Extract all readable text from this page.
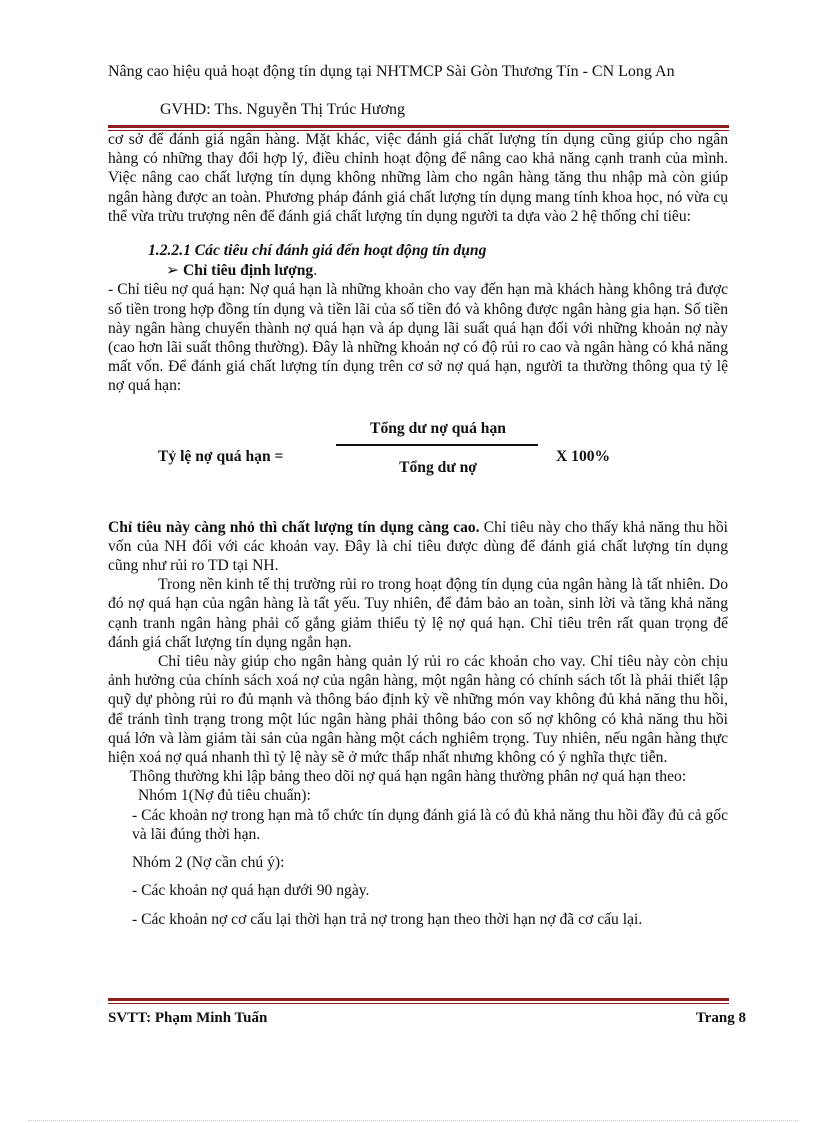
Nâng cao hiệu quả hoạt động tín dụng tại NHTMCP Sài Gòn Thương Tín - CN Long An
GVHD: Ths. Nguyễn Thị Trúc Hương

cơ sở để đánh giá ngân hàng. Mặt khác, việc đánh giá chất lượng tín dụng cũng giúp cho ngân hàng có những thay đổi hợp lý, điều chỉnh hoạt động để nâng cao khả năng cạnh tranh của mình. Việc nâng cao chất lượng tín dụng không những làm cho ngân hàng tăng thu nhập mà còn giúp ngân hàng được an toàn. Phương pháp đánh giá chất lượng tín dụng mang tính khoa học, nó vừa cụ thể vừa trừu trượng nên để đánh giá chất lượng tín dụng người ta dựa vào 2 hệ thống chỉ tiêu:

1.2.2.1 Các tiêu chí đánh giá đến hoạt động tín dụng

➢ Chỉ tiêu định lượng.

- Chỉ tiêu nợ quá hạn: Nợ quá hạn là những khoản cho vay đến hạn mà khách hàng không trả được số tiền trong hợp đồng tín dụng và tiền lãi của số tiền đó và không được ngân hàng gia hạn. Số tiền này ngân hàng chuyển thành nợ quá hạn và áp dụng lãi suất quá hạn đối với những khoản nợ này (cao hơn lãi suất thông thường). Đây là những khoản nợ có độ rủi ro cao và ngân hàng có khả năng mất vốn. Để đánh giá chất lượng tín dụng trên cơ sở nợ quá hạn, người ta thường thông qua tỷ lệ nợ quá hạn:

Tỷ lệ nợ quá hạn =
Tổng dư nợ quá hạn
Tổng dư nợ
X 100%

Chỉ tiêu này càng nhỏ thì chất lượng tín dụng càng cao. Chỉ tiêu này cho thấy khả năng thu hồi vốn của NH đối với các khoản vay. Đây là chỉ tiêu được dùng để đánh giá chất lượng tín dụng cũng như rủi ro TD tại NH.

Trong nền kinh tế thị trường rủi ro trong hoạt động tín dụng của ngân hàng là tất nhiên. Do đó nợ quá hạn của ngân hàng là tất yếu. Tuy nhiên, để đảm bảo an toàn, sinh lời và tăng khả năng cạnh tranh ngân hàng phải cố gắng giảm thiểu tỷ lệ nợ quá hạn. Chỉ tiêu trên rất quan trọng để đánh giá chất lượng tín dụng ngắn hạn.

Chỉ tiêu này giúp cho ngân hàng quản lý rủi ro các khoản cho vay. Chỉ tiêu này còn chịu ảnh hưởng của chính sách xoá nợ của ngân hàng, một ngân hàng có chính sách tốt là phải thiết lập quỹ dự phòng rủi ro đủ mạnh và thông báo định kỳ về những món vay không đủ khả năng thu hồi, để tránh tình trạng trong một lúc ngân hàng phải thông báo con số nợ không có khả năng thu hồi quá lớn và làm giảm tài sản của ngân hàng một cách nghiêm trọng. Tuy nhiên, nếu ngân hàng thực hiện xoá nợ quá nhanh thì tỷ lệ này sẽ ở mức thấp nhất nhưng không có ý nghĩa thực tiễn.

Thông thường khi lập bảng theo dõi nợ quá hạn ngân hàng thường phân nợ quá hạn theo:

Nhóm 1(Nợ đủ tiêu chuẩn):

- Các khoản nợ trong hạn mà tổ chức tín dụng đánh giá là có đủ khả năng thu hồi đầy đủ cả gốc và lãi đúng thời hạn.

Nhóm 2 (Nợ cần chú ý):

- Các khoản nợ quá hạn dưới 90 ngày.

- Các khoản nợ cơ cấu lại thời hạn trả nợ trong hạn theo thời hạn nợ đã cơ cấu lại.

SVTT: Phạm Minh Tuấn	Trang 8
